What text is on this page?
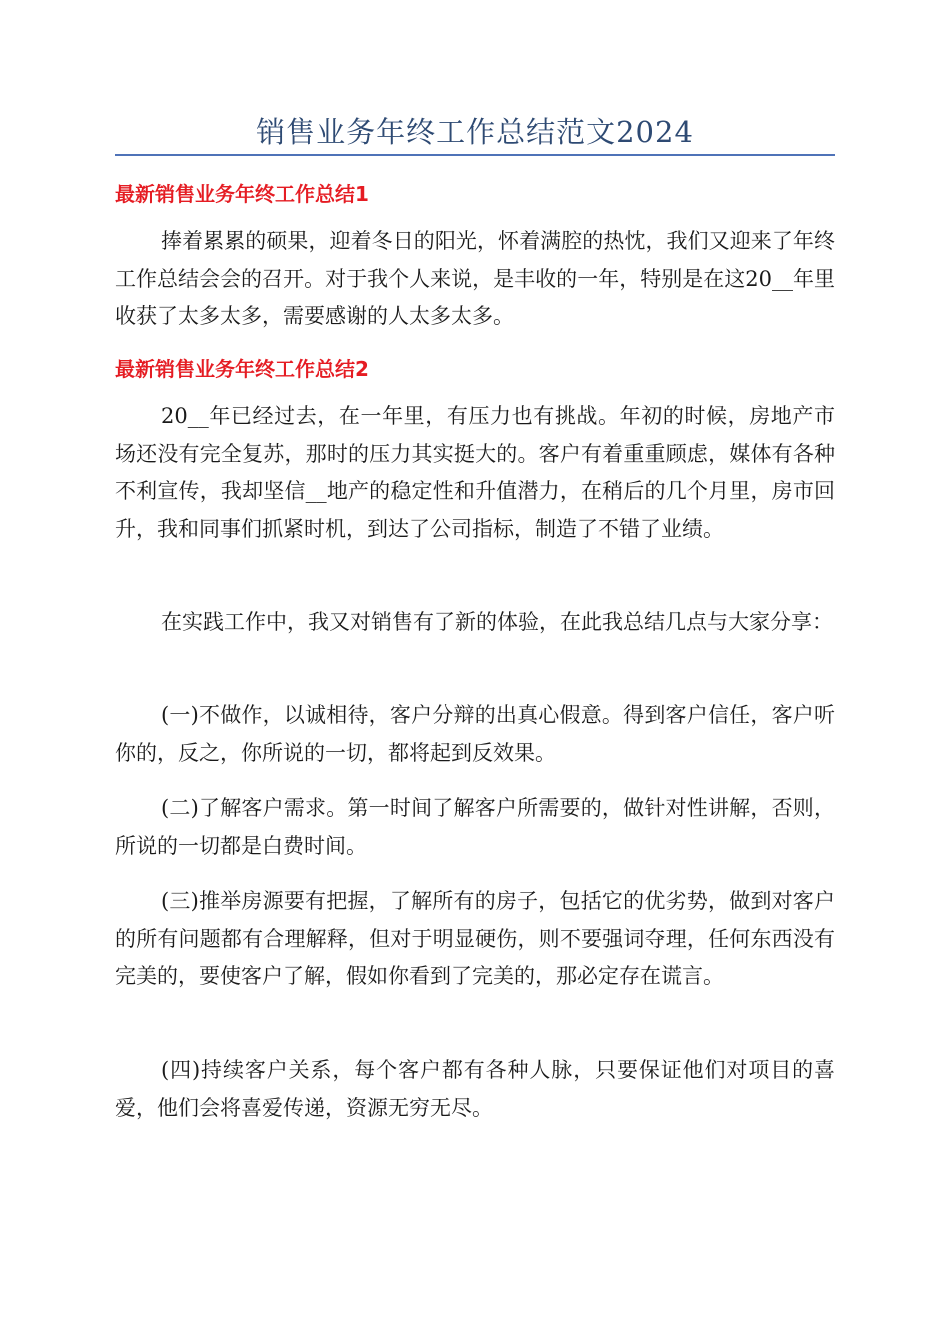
销售业务年终工作总结范文2024
最新销售业务年终工作总结1

捧着累累的硕果，迎着冬日的阳光，怀着满腔的热忱，我们又迎来了年终工作总结会会的召开。对于我个人来说，是丰收的一年，特别是在这20__年里收获了太多太多，需要感谢的人太多太多。

最新销售业务年终工作总结2

20__年已经过去，在一年里，有压力也有挑战。年初的时候，房地产市场还没有完全复苏，那时的压力其实挺大的。客户有着重重顾虑，媒体有各种不利宣传，我却坚信__地产的稳定性和升值潜力，在稍后的几个月里，房市回升，我和同事们抓紧时机，到达了公司指标，制造了不错了业绩。

在实践工作中，我又对销售有了新的体验，在此我总结几点与大家分享：

(一)不做作，以诚相待，客户分辩的出真心假意。得到客户信任，客户听你的，反之，你所说的一切，都将起到反效果。

(二)了解客户需求。第一时间了解客户所需要的，做针对性讲解，否则，所说的一切都是白费时间。

(三)推举房源要有把握，了解所有的房子，包括它的优劣势，做到对客户的所有问题都有合理解释，但对于明显硬伤，则不要强词夺理，任何东西没有完美的，要使客户了解，假如你看到了完美的，那必定存在谎言。

(四)持续客户关系，每个客户都有各种人脉，只要保证他们对项目的喜爱，他们会将喜爱传递，资源无穷无尽。
